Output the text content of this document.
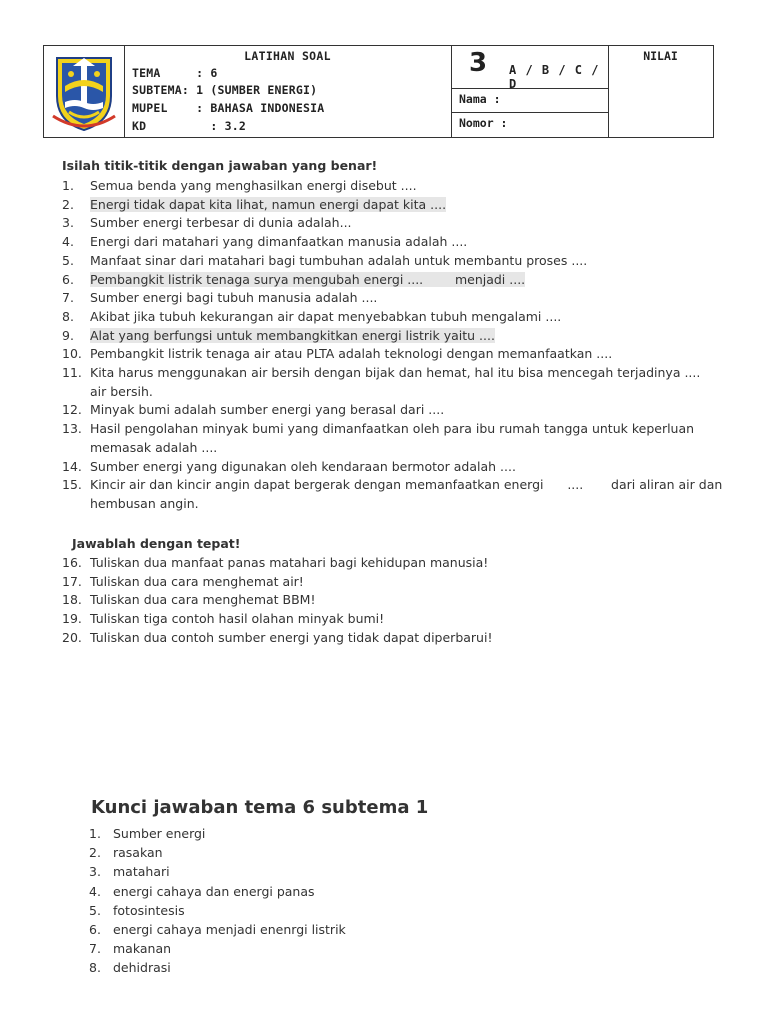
LATIHAN SOAL
TEMA     : 6
SUBTEMA: 1 (SUMBER ENERGI)
MUPEL    : BAHASA INDONESIA
KD         : 3.2
3 A / B / C / D
Nama :
Nomor :
NILAI
Isilah titik-titik dengan jawaban yang benar!
1.	Semua benda yang menghasilkan energi disebut ....
2.	Energi tidak dapat kita lihat, namun energi dapat kita ....
3.	Sumber energi terbesar di dunia adalah...
4.	Energi dari matahari yang dimanfaatkan manusia adalah ....
5.	Manfaat sinar dari matahari bagi tumbuhan adalah untuk membantu proses ....
6.	Pembangkit listrik tenaga surya mengubah energi ....        menjadi ....
7.	Sumber energi bagi tubuh manusia adalah ....
8.	Akibat jika tubuh kekurangan air dapat menyebabkan tubuh mengalami ....
9.	Alat yang berfungsi untuk membangkitkan energi listrik yaitu ....
10. Pembangkit listrik tenaga air atau PLTA adalah teknologi dengan memanfaatkan ....
11. Kita harus menggunakan air bersih dengan bijak dan hemat, hal itu bisa mencegah terjadinya ....
air bersih.
12. Minyak bumi adalah sumber energi yang berasal dari ....
13. Hasil pengolahan minyak bumi yang dimanfaatkan oleh para ibu rumah tangga untuk keperluan
memasak adalah ....
14. Sumber energi yang digunakan oleh kendaraan bermotor adalah ....
15. Kincir air dan kincir angin dapat bergerak dengan memanfaatkan energi      ....       dari aliran air dan
hembusan angin.
Jawablah dengan tepat!
16. Tuliskan dua manfaat panas matahari bagi kehidupan manusia!
17. Tuliskan dua cara menghemat air!
18. Tuliskan dua cara menghemat BBM!
19. Tuliskan tiga contoh hasil olahan minyak bumi!
20. Tuliskan dua contoh sumber energi yang tidak dapat diperbarui!
Kunci jawaban tema 6 subtema 1
1. Sumber energi
2. rasakan
3. matahari
4. energi cahaya dan energi panas
5. fotosintesis
6. energi cahaya menjadi enenrgi listrik
7. makanan
8. dehidrasi
